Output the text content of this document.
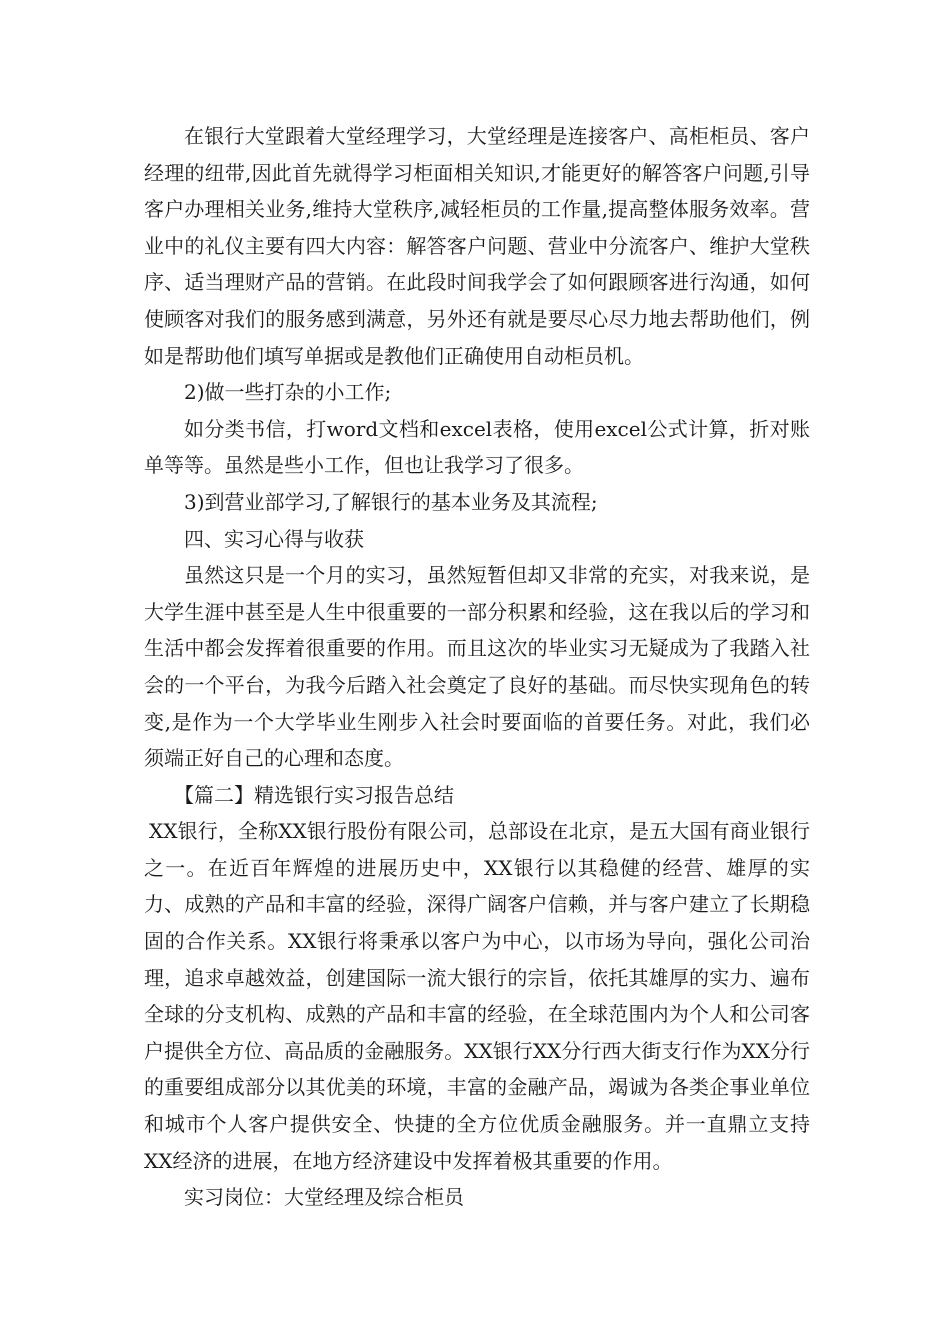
在银行大堂跟着大堂经理学习，大堂经理是连接客户、高柜柜员、客户经理的纽带,因此首先就得学习柜面相关知识,才能更好的解答客户问题,引导客户办理相关业务,维持大堂秩序,减轻柜员的工作量,提高整体服务效率。营业中的礼仪主要有四大内容：解答客户问题、营业中分流客户、维护大堂秩序、适当理财产品的营销。在此段时间我学会了如何跟顾客进行沟通，如何使顾客对我们的服务感到满意，另外还有就是要尽心尽力地去帮助他们，例如是帮助他们填写单据或是教他们正确使用自动柜员机。

2)做一些打杂的小工作;

如分类书信，打word文档和excel表格，使用excel公式计算，折对账单等等。虽然是些小工作，但也让我学习了很多。

3)到营业部学习,了解银行的基本业务及其流程;

四、实习心得与收获

虽然这只是一个月的实习，虽然短暂但却又非常的充实，对我来说，是大学生涯中甚至是人生中很重要的一部分积累和经验，这在我以后的学习和生活中都会发挥着很重要的作用。而且这次的毕业实习无疑成为了我踏入社会的一个平台，为我今后踏入社会奠定了良好的基础。而尽快实现角色的转变,是作为一个大学毕业生刚步入社会时要面临的首要任务。对此，我们必须端正好自己的心理和态度。

【篇二】精选银行实习报告总结

XX银行，全称XX银行股份有限公司，总部设在北京，是五大国有商业银行之一。在近百年辉煌的进展历史中，XX银行以其稳健的经营、雄厚的实力、成熟的产品和丰富的经验，深得广阔客户信赖，并与客户建立了长期稳固的合作关系。XX银行将秉承以客户为中心，以市场为导向，强化公司治理，追求卓越效益，创建国际一流大银行的宗旨，依托其雄厚的实力、遍布全球的分支机构、成熟的产品和丰富的经验，在全球范围内为个人和公司客户提供全方位、高品质的金融服务。XX银行XX分行西大街支行作为XX分行的重要组成部分以其优美的环境，丰富的金融产品，竭诚为各类企事业单位和城市个人客户提供安全、快捷的全方位优质金融服务。并一直鼎立支持XX经济的进展，在地方经济建设中发挥着极其重要的作用。

实习岗位：大堂经理及综合柜员
